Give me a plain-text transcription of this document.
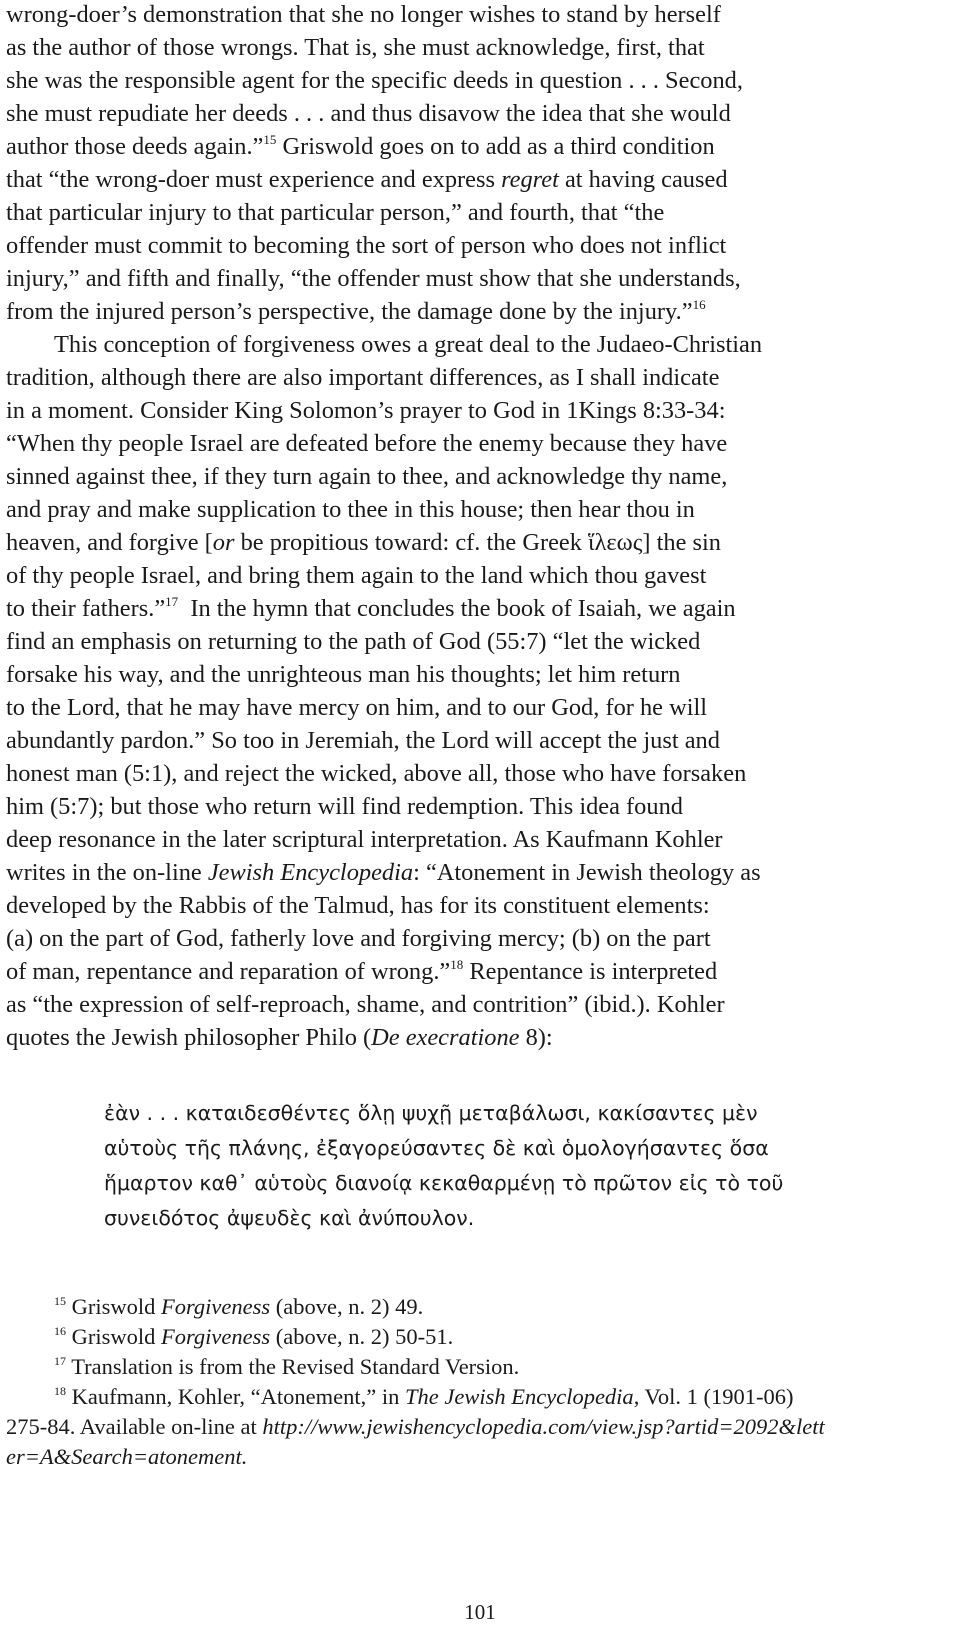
wrong-doer’s demonstration that she no longer wishes to stand by herself
as the author of those wrongs. That is, she must acknowledge, first, that
she was the responsible agent for the specific deeds in question . . . Second,
she must repudiate her deeds . . . and thus disavow the idea that she would
author those deeds again.”$^{15}$ Griswold goes on to add as a third condition
that “the wrong-doer must experience and express regret at having caused
that particular injury to that particular person,” and fourth, that “the
offender must commit to becoming the sort of person who does not inflict
injury,” and fifth and finally, “the offender must show that she understands,
from the injured person’s perspective, the damage done by the injury.”$^{16}$
This conception of forgiveness owes a great deal to the Judaeo-Christian
tradition, although there are also important differences, as I shall indicate
in a moment. Consider King Solomon’s prayer to God in 1Kings 8:33-34:
“When thy people Israel are defeated before the enemy because they have
sinned against thee, if they turn again to thee, and acknowledge thy name,
and pray and make supplication to thee in this house; then hear thou in
heaven, and forgive [or be propitious toward: cf. the Greek ἵλεως] the sin
of thy people Israel, and bring them again to the land which thou gavest
to their fathers.”$^{17}$  In the hymn that concludes the book of Isaiah, we again
find an emphasis on returning to the path of God (55:7) “let the wicked
forsake his way, and the unrighteous man his thoughts; let him return
to the Lord, that he may have mercy on him, and to our God, for he will
abundantly pardon.” So too in Jeremiah, the Lord will accept the just and
honest man (5:1), and reject the wicked, above all, those who have forsaken
him (5:7); but those who return will find redemption. This idea found
deep resonance in the later scriptural interpretation. As Kaufmann Kohler
writes in the on-line Jewish Encyclopedia: “Atonement in Jewish theology as
developed by the Rabbis of the Talmud, has for its constituent elements:
(a) on the part of God, fatherly love and forgiving mercy; (b) on the part
of man, repentance and reparation of wrong.”$^{18}$ Repentance is interpreted
as “the expression of self-reproach, shame, and contrition” (ibid.). Kohler
quotes the Jewish philosopher Philo (De execratione 8):
ἐὰν . . . καταιδεσθέντες ὅλῃ ψυχῇ μεταβάλωσι, κακίσαντες μὲν
αὑτοὺς τῆς πλάνης, ἐξαγορεύσαντες δὲ καὶ ὁμολογήσαντες ὅσα
ἥμαρτον καθ᾽ αὑτοὺς διανοίᾳ κεκαθαρμένῃ τὸ πρῶτον εἰς τὸ τοῦ
συνειδότος ἀψευδὲς καὶ ἀνύπουλον.
$^{15}$ Griswold Forgiveness (above, n. 2) 49.
$^{16}$ Griswold Forgiveness (above, n. 2) 50-51.
$^{17}$ Translation is from the Revised Standard Version.
$^{18}$ Kaufmann, Kohler, “Atonement,” in The Jewish Encyclopedia, Vol. 1 (1901-06)
275-84. Available on-line at http://www.jewishencyclopedia.com/view.jsp?artid=2092&lett
er=A&Search=atonement.
101
